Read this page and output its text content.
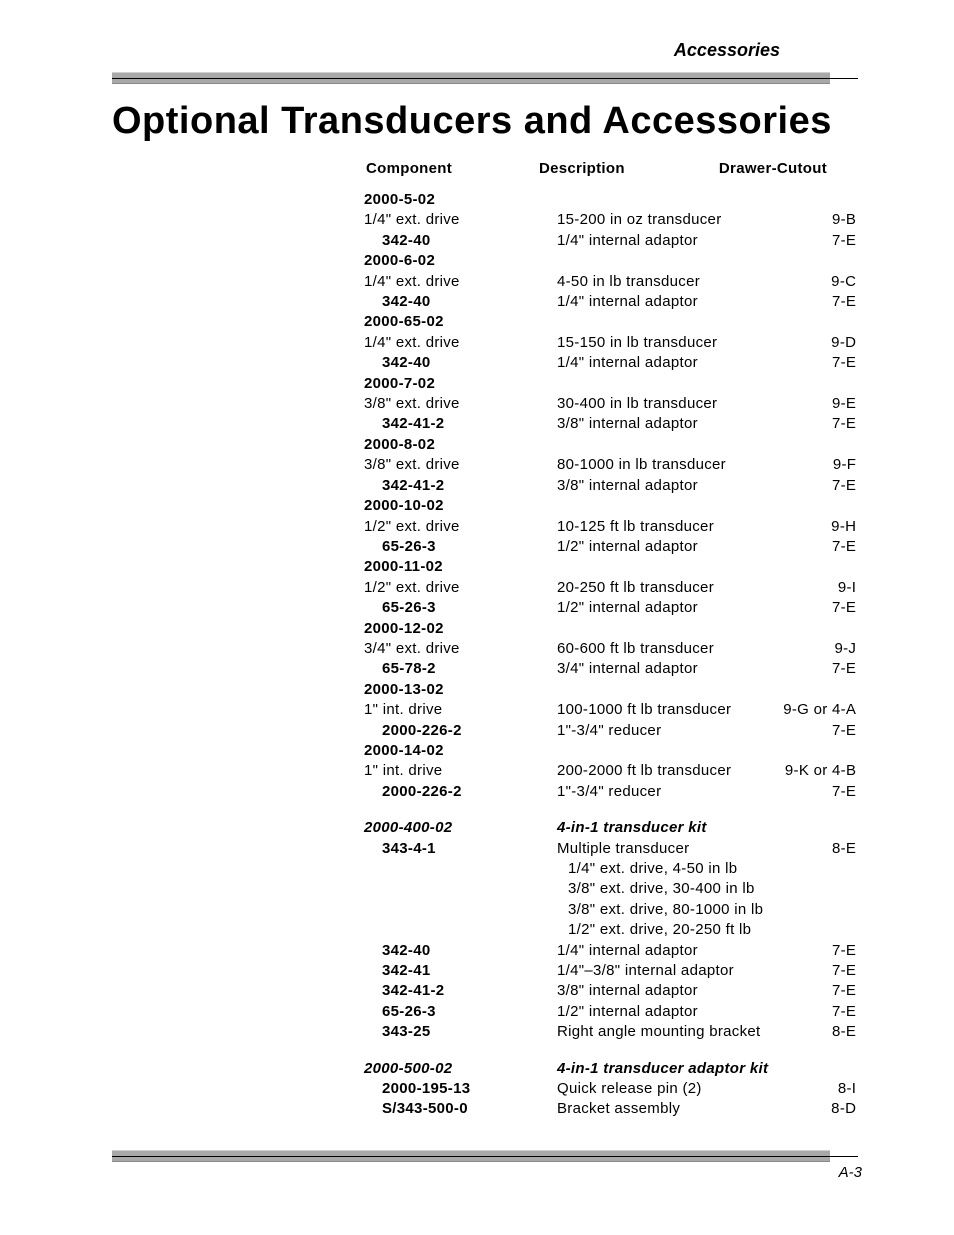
Accessories
Optional Transducers and Accessories
Component	Description	Drawer-Cutout
2000-5-02		
1/4" ext. drive	15-200 in oz transducer	9-B
342-40	1/4" internal adaptor	7-E
2000-6-02		
1/4" ext. drive	4-50 in lb transducer	9-C
342-40	1/4" internal adaptor	7-E
2000-65-02		
1/4" ext. drive	15-150 in lb transducer	9-D
342-40	1/4" internal adaptor	7-E
2000-7-02		
3/8" ext. drive	30-400 in lb transducer	9-E
342-41-2	3/8" internal adaptor	7-E
2000-8-02		
3/8" ext. drive	80-1000 in lb transducer	9-F
342-41-2	3/8" internal adaptor	7-E
2000-10-02		
1/2" ext. drive	10-125 ft lb transducer	9-H
65-26-3	1/2" internal adaptor	7-E
2000-11-02		
1/2" ext. drive	20-250 ft lb transducer	9-I
65-26-3	1/2" internal adaptor	7-E
2000-12-02		
3/4" ext. drive	60-600 ft lb transducer	9-J
65-78-2	3/4" internal adaptor	7-E
2000-13-02		
1" int. drive	100-1000 ft lb transducer	9-G or 4-A
2000-226-2	1"-3/4" reducer	7-E
2000-14-02		
1" int. drive	200-2000 ft lb transducer	9-K or 4-B
2000-226-2	1"-3/4" reducer	7-E

2000-400-02	4-in-1 transducer kit	
343-4-1	Multiple transducer	8-E
	1/4" ext. drive, 4-50 in lb	
	3/8" ext. drive, 30-400 in lb	
	3/8" ext. drive, 80-1000 in lb	
	1/2" ext. drive, 20-250 ft lb	
342-40	1/4" internal adaptor	7-E
342-41	1/4"–3/8" internal adaptor	7-E
342-41-2	3/8" internal adaptor	7-E
65-26-3	1/2" internal adaptor	7-E
343-25	Right angle mounting bracket	8-E

2000-500-02	4-in-1 transducer adaptor kit	
2000-195-13	Quick release pin (2)	8-I
S/343-500-0	Bracket assembly	8-D
A-3
